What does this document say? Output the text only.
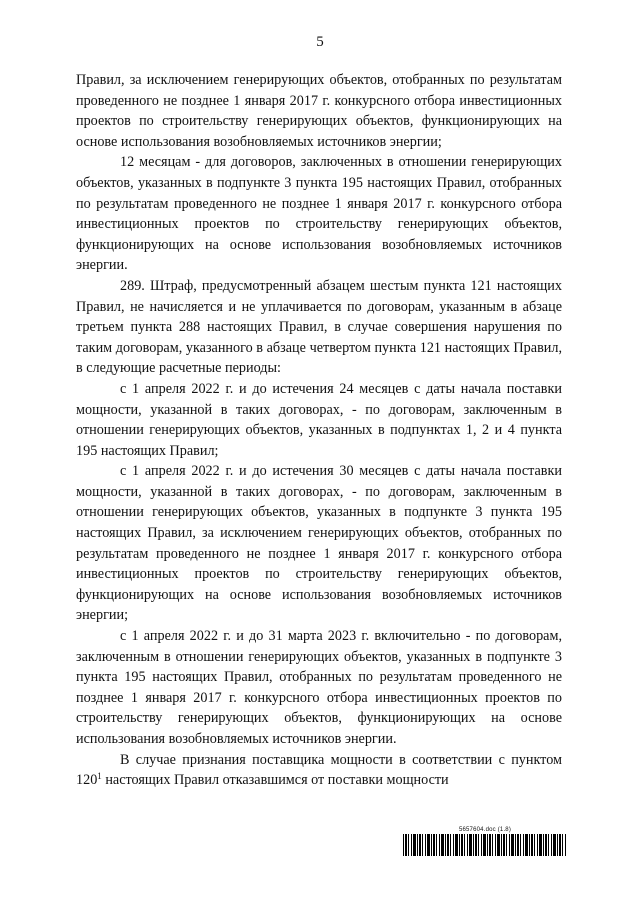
5

Правил, за исключением генерирующих объектов, отобранных по результатам проведенного не позднее 1 января 2017 г. конкурсного отбора инвестиционных проектов по строительству генерирующих объектов, функционирующих на основе использования возобновляемых источников энергии;

12 месяцам - для договоров, заключенных в отношении генерирующих объектов, указанных в подпункте 3 пункта 195 настоящих Правил, отобранных по результатам проведенного не позднее 1 января 2017 г. конкурсного отбора инвестиционных проектов по строительству генерирующих объектов, функционирующих на основе использования возобновляемых источников энергии.

289. Штраф, предусмотренный абзацем шестым пункта 121 настоящих Правил, не начисляется и не уплачивается по договорам, указанным в абзаце третьем пункта 288 настоящих Правил, в случае совершения нарушения по таким договорам, указанного в абзаце четвертом пункта 121 настоящих Правил, в следующие расчетные периоды:

с 1 апреля 2022 г. и до истечения 24 месяцев с даты начала поставки мощности, указанной в таких договорах, - по договорам, заключенным в отношении генерирующих объектов, указанных в подпунктах 1, 2 и 4 пункта 195 настоящих Правил;

с 1 апреля 2022 г. и до истечения 30 месяцев с даты начала поставки мощности, указанной в таких договорах, - по договорам, заключенным в отношении генерирующих объектов, указанных в подпункте 3 пункта 195 настоящих Правил, за исключением генерирующих объектов, отобранных по результатам проведенного не позднее 1 января 2017 г. конкурсного отбора инвестиционных проектов по строительству генерирующих объектов, функционирующих на основе использования возобновляемых источников энергии;

с 1 апреля 2022 г. и до 31 марта 2023 г. включительно - по договорам, заключенным в отношении генерирующих объектов, указанных в подпункте 3 пункта 195 настоящих Правил, отобранных по результатам проведенного не позднее 1 января 2017 г. конкурсного отбора инвестиционных проектов по строительству генерирующих объектов, функционирующих на основе использования возобновляемых источников энергии.

В случае признания поставщика мощности в соответствии с пунктом $120^1$ настоящих Правил отказавшимся от поставки мощности

5657604.doc (1.8)
